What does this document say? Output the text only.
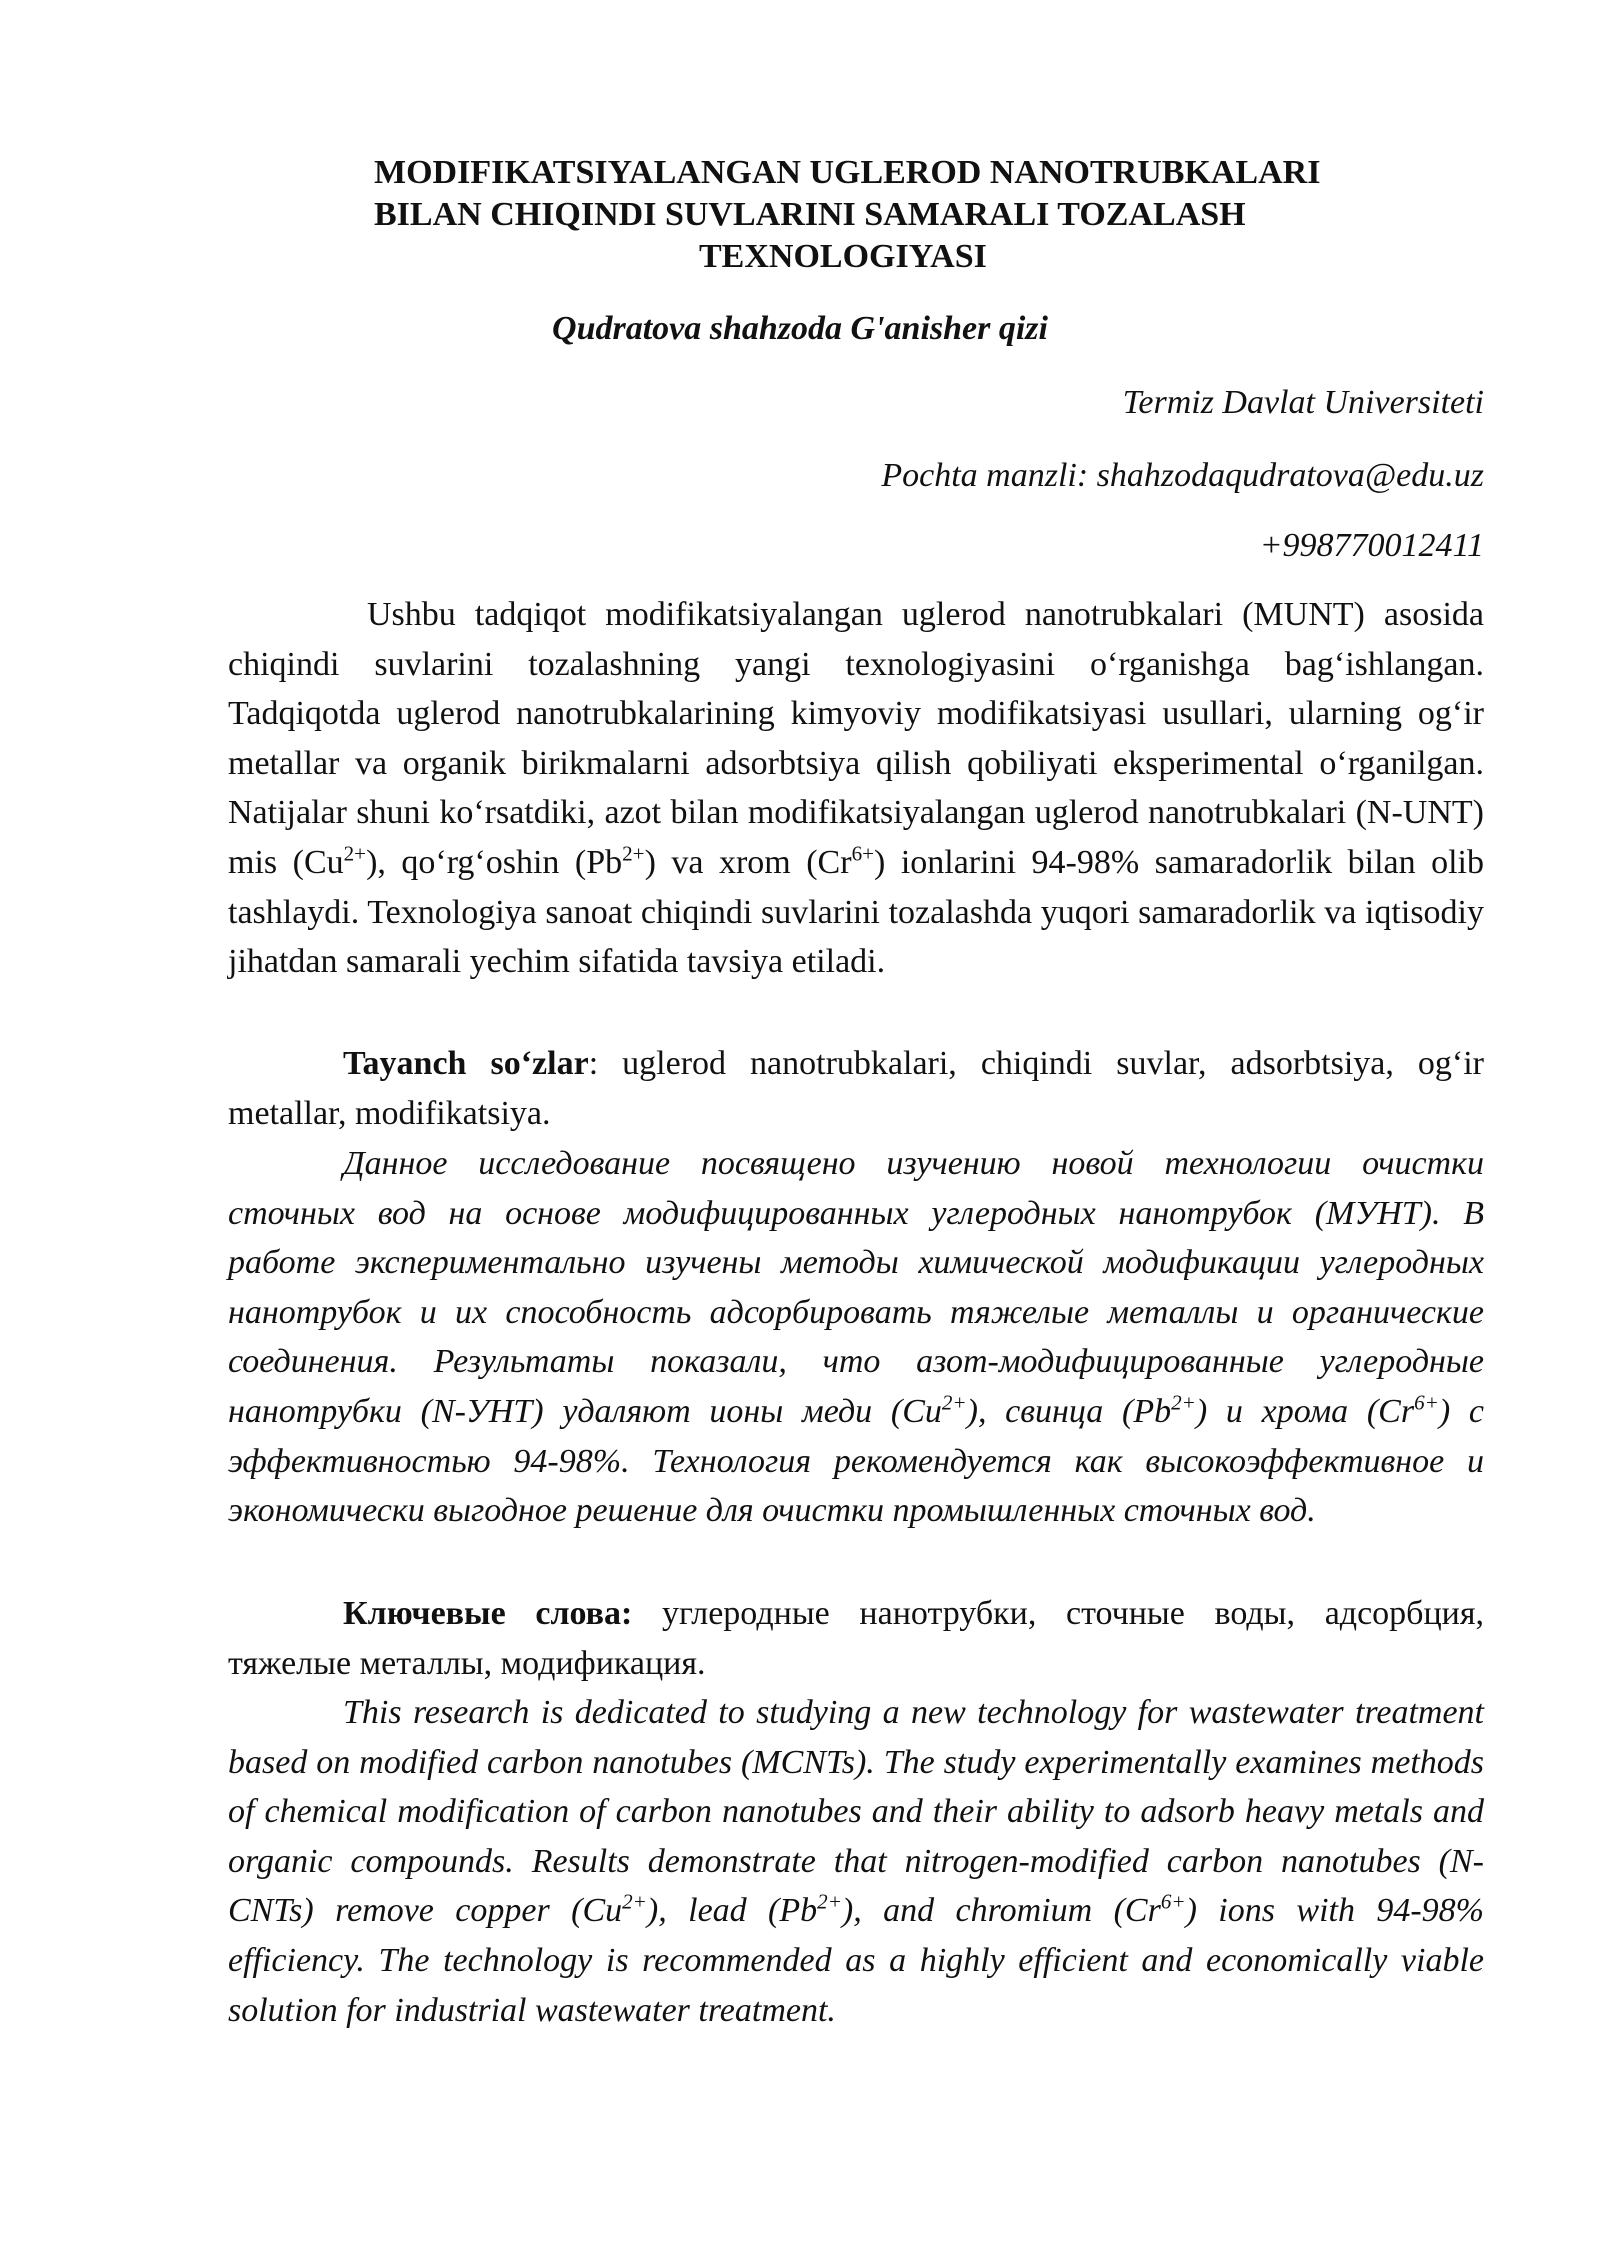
MODIFIKATSIYALANGAN UGLEROD NANOTRUBKALARI
BILAN CHIQINDI SUVLARINI SAMARALI TOZALASH
TEXNOLOGIYASI
Qudratova shahzoda G'anisher qizi
Termiz Davlat Universiteti
Pochta manzli: shahzodaqudratova@edu.uz
+998770012411

Ushbu tadqiqot modifikatsiyalangan uglerod nanotrubkalari (MUNT) asosida chiqindi suvlarini tozalashning yangi texnologiyasini o‘rganishga bag‘ishlangan. Tadqiqotda uglerod nanotrubkalarining kimyoviy modifikatsiyasi usullari, ularning og‘ir metallar va organik birikmalarni adsorbtsiya qilish qobiliyati eksperimental o‘rganilgan. Natijalar shuni ko‘rsatdiki, azot bilan modifikatsiyalangan uglerod nanotrubkalari (N-UNT) mis $(Cu^{2+})$, qo‘rg‘oshin $(Pb^{2+})$ va xrom $(Cr^{6+})$ ionlarini 94-98% samaradorlik bilan olib tashlaydi. Texnologiya sanoat chiqindi suvlarini tozalashda yuqori samaradorlik va iqtisodiy jihatdan samarali yechim sifatida tavsiya etiladi.

Tayanch so‘zlar: uglerod nanotrubkalari, chiqindi suvlar, adsorbtsiya, og‘ir metallar, modifikatsiya.

Данное исследование посвящено изучению новой технологии очистки сточных вод на основе модифицированных углеродных нанотрубок (МУНТ). В работе экспериментально изучены методы химической модификации углеродных нанотрубок и их способность адсорбировать тяжелые металлы и органические соединения. Результаты показали, что азот-модифицированные углеродные нанотрубки (N-УНТ) удаляют ионы меди $(Cu^{2+})$, свинца $(Pb^{2+})$ и хрома $(Cr^{6+})$ с эффективностью 94-98%. Технология рекомендуется как высокоэффективное и экономически выгодное решение для очистки промышленных сточных вод.

Ключевые слова: углеродные нанотрубки, сточные воды, адсорбция, тяжелые металлы, модификация.

This research is dedicated to studying a new technology for wastewater treatment based on modified carbon nanotubes (MCNTs). The study experimentally examines methods of chemical modification of carbon nanotubes and their ability to adsorb heavy metals and organic compounds. Results demonstrate that nitrogen-modified carbon nanotubes (N-CNTs) remove copper $(Cu^{2+})$, lead $(Pb^{2+})$, and chromium $(Cr^{6+})$ ions with 94-98% efficiency. The technology is recommended as a highly efficient and economically viable solution for industrial wastewater treatment.
